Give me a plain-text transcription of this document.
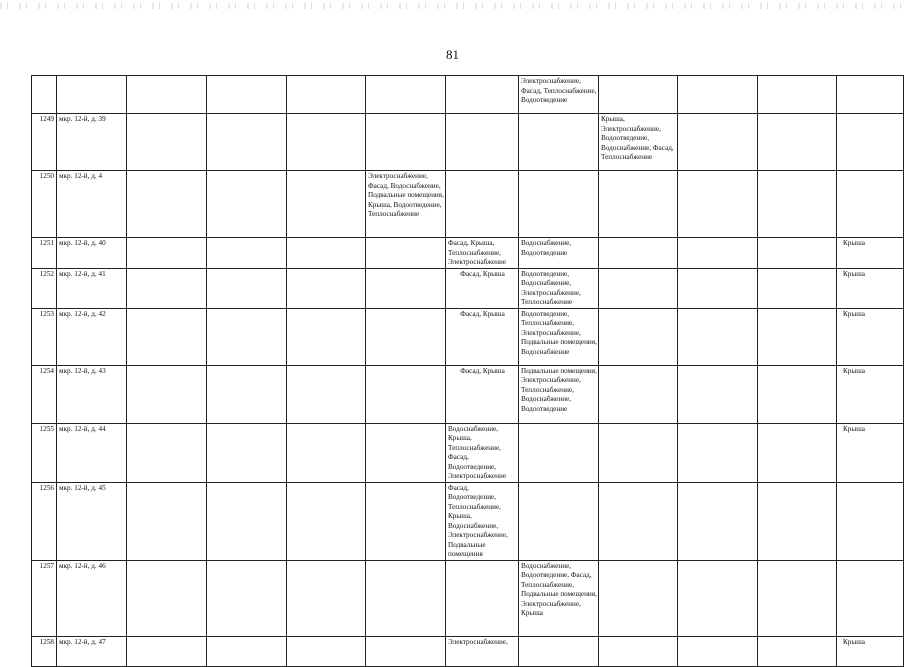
81
							Электроснабжение, Фасад, Теплоснабжение, Водоотведение				
1249	мкр. 12-й, д. 39							Крыша, Электроснабжение, Водоотведение, Водоснабжение, Фасад, Теплоснабжение			
1250	мкр. 12-й, д. 4				Электроснабжение, Фасад, Водоснабжение, Подвальные помещения, Крыша, Водоотведение, Теплоснабжение						
1251	мкр. 12-й, д. 40					Фасад, Крыша, Теплоснабжение, Электроснабжение	Водоснабжение, Водоотведение				Крыша
1252	мкр. 12-й, д. 41					Фасад, Крыша	Водоотведение, Водоснабжение, Электроснабжение, Теплоснабжение				Крыша
1253	мкр. 12-й, д. 42					Фасад, Крыша	Водоотведение, Теплоснабжение, Электроснабжение, Подвальные помещения, Водоснабжение				Крыша
1254	мкр. 12-й, д. 43					Фасад, Крыша	Подвальные помещения, Электроснабжение, Теплоснабжение, Водоснабжение, Водоотведение				Крыша
1255	мкр. 12-й, д. 44					Водоснабжение, Крыша, Теплоснабжение, Фасад, Водоотведение, Электроснабжение					Крыша
1256	мкр. 12-й, д. 45					Фасад, Водоотведение, Теплоснабжение, Крыша, Водоснабжение, Электроснабжение, Подвальные помещения					
1257	мкр. 12-й, д. 46						Водоснабжение, Водоотведение, Фасад, Теплоснабжение, Подвальные помещения, Электроснабжение, Крыша				
1258	мкр. 12-й, д. 47					Электроснабжение,					Крыша
